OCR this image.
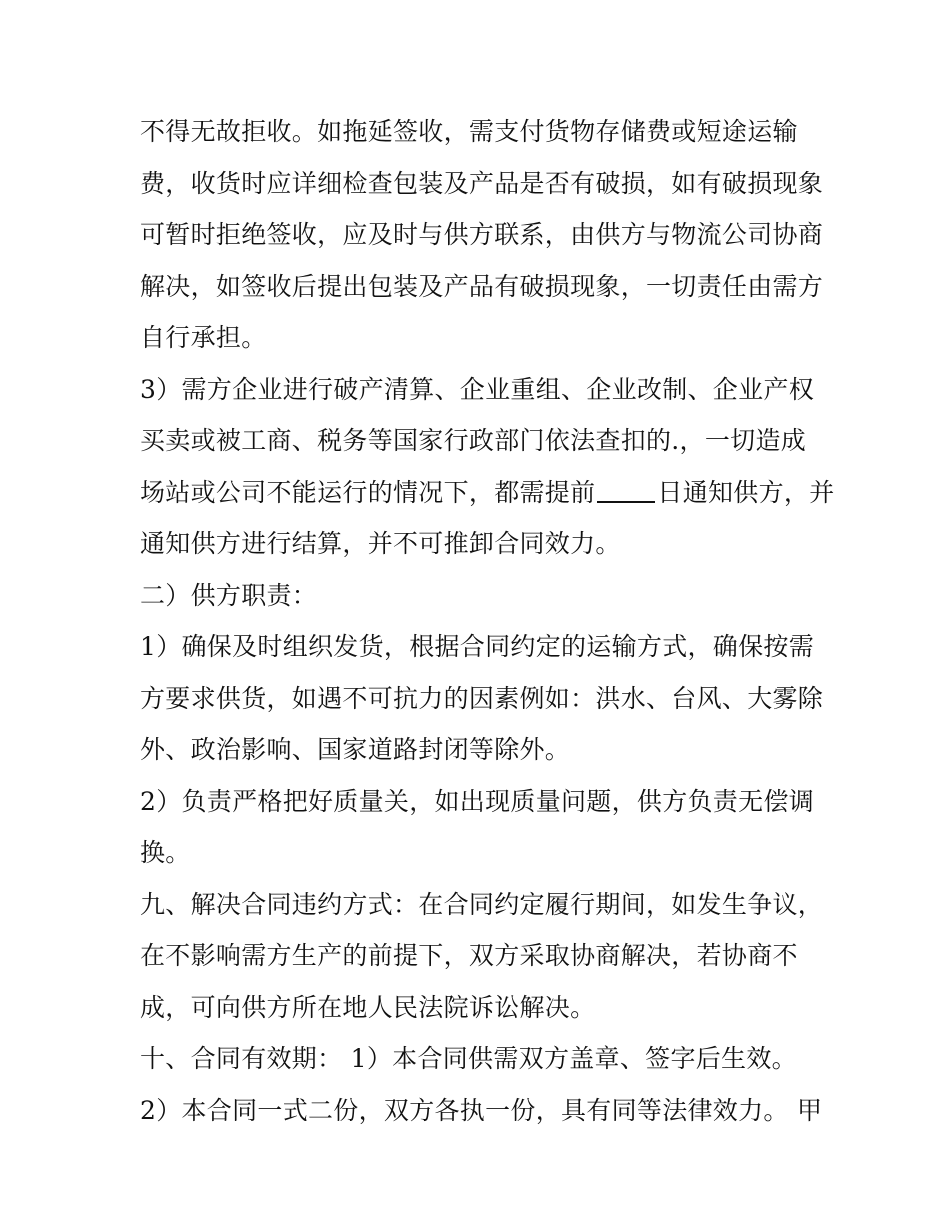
不得无故拒收。如拖延签收，需支付货物存储费或短途运输
费，收货时应详细检查包装及产品是否有破损，如有破损现象
可暂时拒绝签收，应及时与供方联系，由供方与物流公司协商
解决，如签收后提出包装及产品有破损现象，一切责任由需方
自行承担。
3）需方企业进行破产清算、企业重组、企业改制、企业产权
买卖或被工商、税务等国家行政部门依法查扣的.，一切造成
场站或公司不能运行的情况下，都需提前 日通知供方，并
通知供方进行结算，并不可推卸合同效力。
二）供方职责：
1）确保及时组织发货，根据合同约定的运输方式，确保按需
方要求供货，如遇不可抗力的因素例如：洪水、台风、大雾除
外、政治影响、国家道路封闭等除外。
2）负责严格把好质量关，如出现质量问题，供方负责无偿调
换。
九、解决合同违约方式：在合同约定履行期间，如发生争议，
在不影响需方生产的前提下，双方采取协商解决，若协商不
成，可向供方所在地人民法院诉讼解决。
十、合同有效期： 1）本合同供需双方盖章、签字后生效。
2）本合同一式二份，双方各执一份，具有同等法律效力。 甲
